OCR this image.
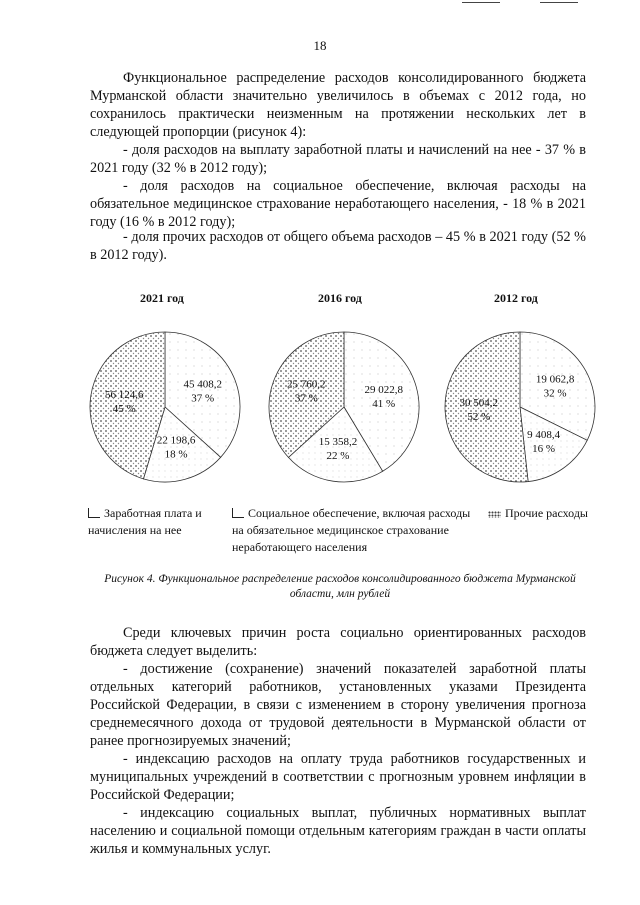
18

Функциональное распределение расходов консолидированного бюджета Мурманской области значительно увеличилось в объемах с 2012 года, но сохранилось практически неизменным на протяжении нескольких лет в следующей пропорции (рисунок 4):

- доля расходов на выплату заработной платы и начислений на нее - 37 % в 2021 году (32 % в 2012 году);

- доля расходов на социальное обеспечение, включая расходы на обязательное медицинское страхование неработающего населения, - 18 % в 2021 году (16 % в 2012 году);

- доля прочих расходов от общего объема расходов – 45 % в 2021 году (52 % в 2012 году).

2021 год	2016 год	2012 год
45 408,2
37 %
22 198,6
18 %
56 124,6
45 %
29 022,8
41 %
15 358,2
22 %
25 760,2
37 %
19 062,8
32 %
9 408,4
16 %
30 504,2
52 %
Заработная плата и начисления на нее
Социальное обеспечение, включая расходы на обязательное медицинское страхование неработающего населения
Прочие расходы
Рисунок 4. Функциональное распределение расходов консолидированного бюджета Мурманской области, млн рублей

Среди ключевых причин роста социально ориентированных расходов бюджета следует выделить:

- достижение (сохранение) значений показателей заработной платы отдельных категорий работников, установленных указами Президента Российской Федерации, в связи с изменением в сторону увеличения прогноза среднемесячного дохода от трудовой деятельности в Мурманской области от ранее прогнозируемых значений;

- индексацию расходов на оплату труда работников государственных и муниципальных учреждений в соответствии с прогнозным уровнем инфляции в Российской Федерации;

- индексацию социальных выплат, публичных нормативных выплат населению и социальной помощи отдельным категориям граждан в части оплаты жилья и коммунальных услуг.
